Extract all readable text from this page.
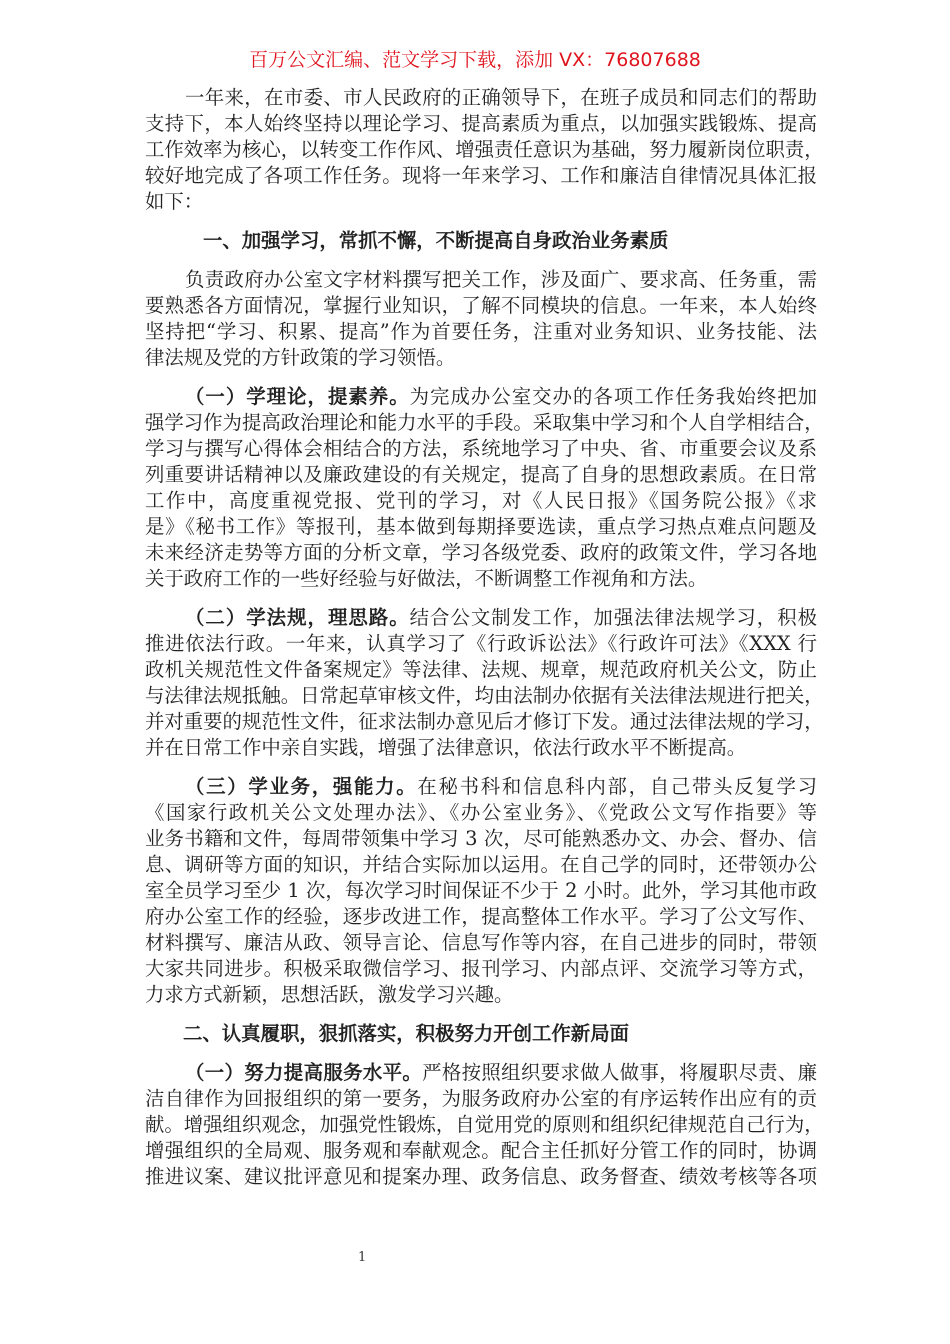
百万公文汇编、范文学习下载，添加 VX：76807688
一年来，在市委、市人民政府的正确领导下，在班子成员和同志们的帮助
支持下，本人始终坚持以理论学习、提高素质为重点，以加强实践锻炼、提高
工作效率为核心，以转变工作作风、增强责任意识为基础，努力履新岗位职责，
较好地完成了各项工作任务。现将一年来学习、工作和廉洁自律情况具体汇报
如下：
一、加强学习，常抓不懈，不断提高自身政治业务素质
负责政府办公室文字材料撰写把关工作，涉及面广、要求高、任务重，需
要熟悉各方面情况，掌握行业知识，了解不同模块的信息。一年来，本人始终
坚持把“学习、积累、提高”作为首要任务，注重对业务知识、业务技能、法
律法规及党的方针政策的学习领悟。
（一）学理论，提素养。为完成办公室交办的各项工作任务我始终把加
强学习作为提高政治理论和能力水平的手段。采取集中学习和个人自学相结合，
学习与撰写心得体会相结合的方法，系统地学习了中央、省、市重要会议及系
列重要讲话精神以及廉政建设的有关规定，提高了自身的思想政素质。在日常
工作中，高度重视党报、党刊的学习，对《人民日报》《国务院公报》《求
是》《秘书工作》等报刊，基本做到每期择要选读，重点学习热点难点问题及
未来经济走势等方面的分析文章，学习各级党委、政府的政策文件，学习各地
关于政府工作的一些好经验与好做法，不断调整工作视角和方法。
（二）学法规，理思路。结合公文制发工作，加强法律法规学习，积极
推进依法行政。一年来，认真学习了《行政诉讼法》《行政许可法》《XXX 行
政机关规范性文件备案规定》等法律、法规、规章，规范政府机关公文，防止
与法律法规抵触。日常起草审核文件，均由法制办依据有关法律法规进行把关，
并对重要的规范性文件，征求法制办意见后才修订下发。通过法律法规的学习，
并在日常工作中亲自实践，增强了法律意识，依法行政水平不断提高。
（三）学业务，强能力。在秘书科和信息科内部，自己带头反复学习
《国家行政机关公文处理办法》、《办公室业务》、《党政公文写作指要》等
业务书籍和文件，每周带领集中学习 3 次，尽可能熟悉办文、办会、督办、信
息、调研等方面的知识，并结合实际加以运用。在自己学的同时，还带领办公
室全员学习至少 1 次，每次学习时间保证不少于 2 小时。此外，学习其他市政
府办公室工作的经验，逐步改进工作，提高整体工作水平。学习了公文写作、
材料撰写、廉洁从政、领导言论、信息写作等内容，在自己进步的同时，带领
大家共同进步。积极采取微信学习、报刊学习、内部点评、交流学习等方式，
力求方式新颖，思想活跃，激发学习兴趣。
二、认真履职，狠抓落实，积极努力开创工作新局面
（一）努力提高服务水平。严格按照组织要求做人做事，将履职尽责、廉
洁自律作为回报组织的第一要务，为服务政府办公室的有序运转作出应有的贡
献。增强组织观念，加强党性锻炼，自觉用党的原则和组织纪律规范自己行为，
增强组织的全局观、服务观和奉献观念。配合主任抓好分管工作的同时，协调
推进议案、建议批评意见和提案办理、政务信息、政务督查、绩效考核等各项
1
